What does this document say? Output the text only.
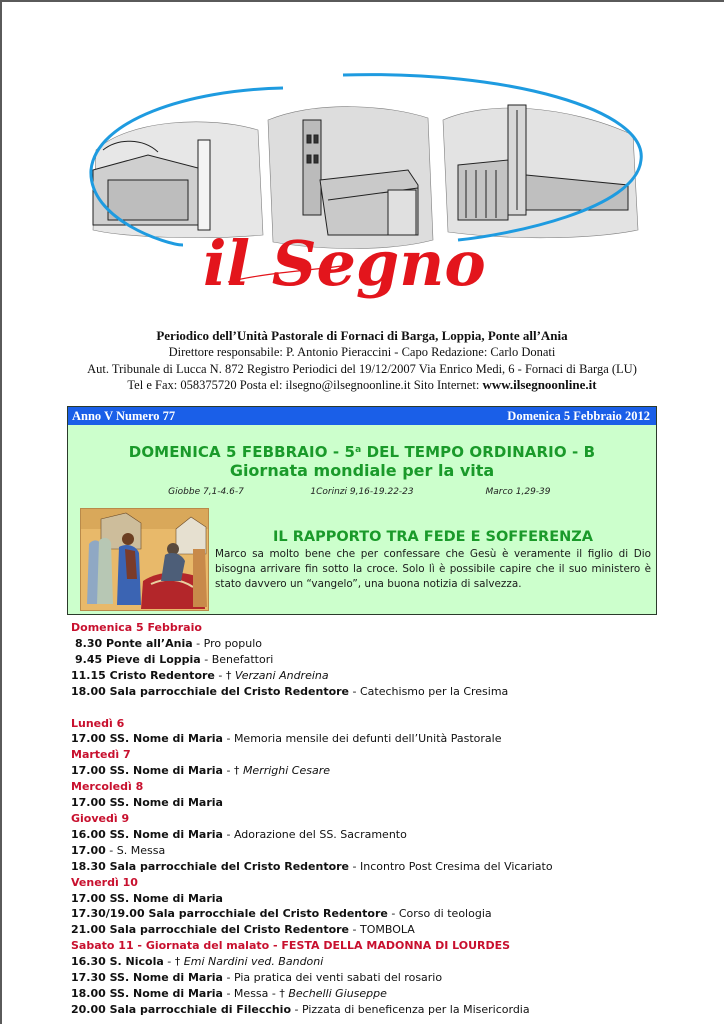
il Segno
Periodico dell’Unità Pastorale di Fornaci di Barga, Loppia, Ponte all’Ania
Direttore responsabile: P. Antonio Pieraccini - Capo Redazione: Carlo Donati
Aut. Tribunale di Lucca N. 872 Registro Periodici del 19/12/2007 Via Enrico Medi, 6 - Fornaci di Barga (LU)
Tel e Fax: 058375720 Posta el: ilsegno@ilsegnoonline.it Sito Internet: www.ilsegnoonline.it
Anno V Numero 77	Domenica 5 Febbraio 2012
DOMENICA 5 FEBBRAIO - 5$^a$ DEL TEMPO ORDINARIO - B
Giornata mondiale per la vita
Giobbe 7,1-4.6-7	1Corinzi 9,16-19.22-23	Marco 1,29-39
IL RAPPORTO TRA FEDE E SOFFERENZA
Marco sa molto bene che per confessare che Gesù è veramente il figlio di Dio bisogna arrivare fin sotto la croce. Solo lì è possibile capire che il suo ministero è stato davvero un “vangelo”, una buona notizia di salvezza.
Domenica 5 Febbraio
8.30 Ponte all’Ania - Pro populo
9.45 Pieve di Loppia - Benefattori
11.15 Cristo Redentore - † Verzani Andreina
18.00 Sala parrocchiale del Cristo Redentore - Catechismo per la Cresima
Lunedì 6
17.00 SS. Nome di Maria - Memoria mensile dei defunti dell’Unità Pastorale
Martedì 7
17.00 SS. Nome di Maria - † Merrighi Cesare
Mercoledì 8
17.00 SS. Nome di Maria
Giovedì 9
16.00 SS. Nome di Maria - Adorazione del SS. Sacramento
17.00 - S. Messa
18.30 Sala parrocchiale del Cristo Redentore - Incontro Post Cresima del Vicariato
Venerdì 10
17.00 SS. Nome di Maria
17.30/19.00 Sala parrocchiale del Cristo Redentore - Corso di teologia
21.00 Sala parrocchiale del Cristo Redentore - TOMBOLA
Sabato 11 - Giornata del malato - FESTA DELLA MADONNA DI LOURDES
16.30 S. Nicola - † Emi Nardini ved. Bandoni
17.30 SS. Nome di Maria - Pia pratica dei venti sabati del rosario
18.00 SS. Nome di Maria - Messa - † Bechelli Giuseppe
20.00 Sala parrocchiale di Filecchio - Pizzata di beneficenza per la Misericordia
